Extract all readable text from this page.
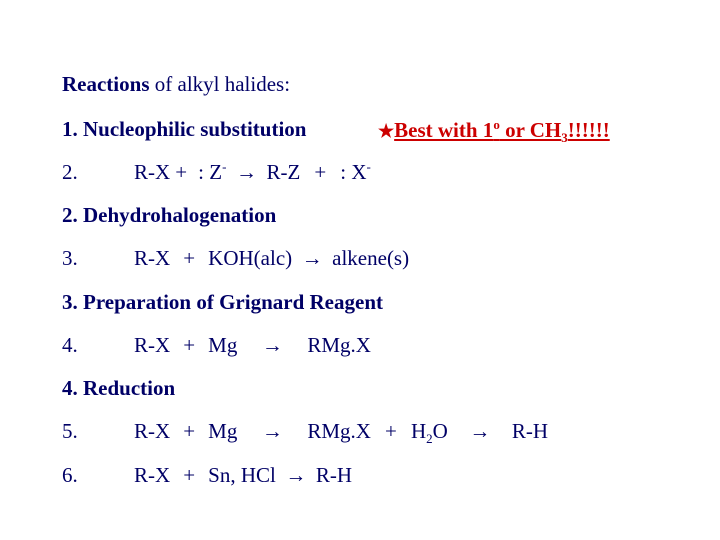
Reactions of alkyl halides:
1. Nucleophilic substitution	★Best with 1$^o$ or $CH_3$!!!!!!
2.	R-X + : Z- → R-Z + : X-
2. Dehydrohalogenation
3.	R-X + KOH(alc) → alkene(s)
3. Preparation of Grignard Reagent
4.	R-X + Mg → RMg.X
4. Reduction
5.	$R-X + Mg \to RMg.X + H_2O \to R-H$
6.	R-X + Sn, HCl → R-H
